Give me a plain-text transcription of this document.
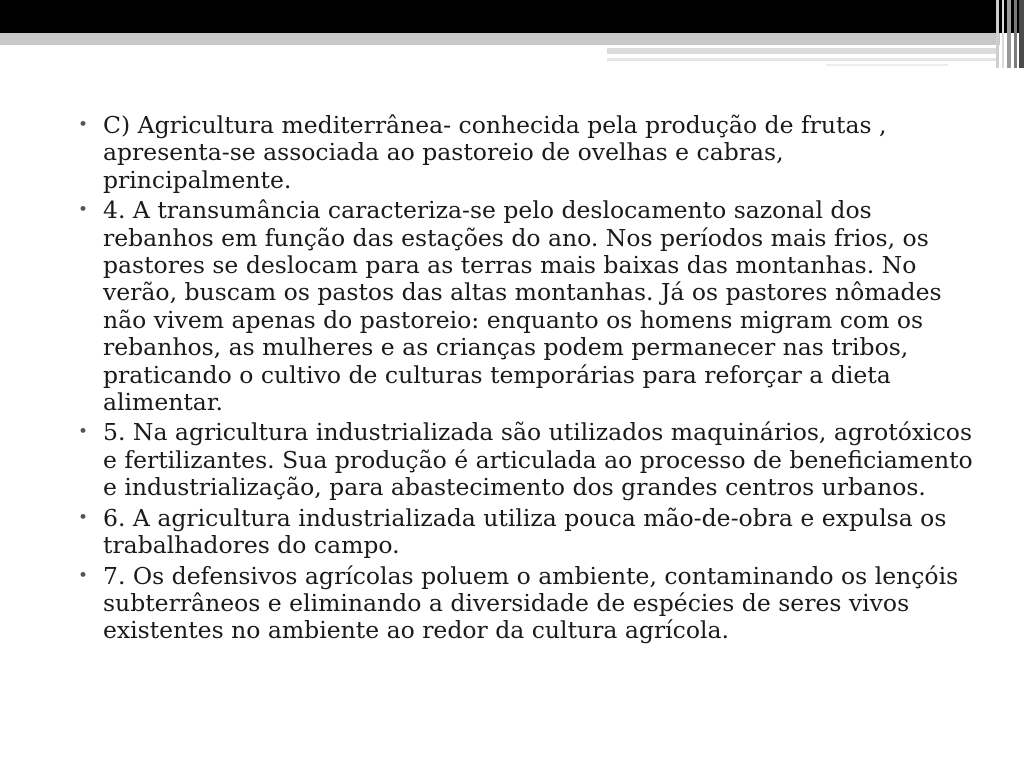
• C) Agricultura mediterrânea- conhecida pela produção de frutas , apresenta-se associada ao pastoreio de ovelhas e cabras, principalmente.
• 4. A transumância caracteriza-se pelo deslocamento sazonal dos rebanhos em função das estações do ano. Nos períodos mais frios, os pastores se deslocam para as terras mais baixas das montanhas. No verão, buscam os pastos das altas montanhas. Já os pastores nômades não vivem apenas do pastoreio: enquanto os homens migram com os rebanhos, as mulheres e as crianças podem permanecer nas tribos, praticando o cultivo de culturas temporárias para reforçar a dieta alimentar.
• 5. Na agricultura industrializada são utilizados maquinários, agrotóxicos e fertilizantes. Sua produção é articulada ao processo de beneficiamento e industrialização, para abastecimento dos grandes centros urbanos.
• 6. A agricultura industrializada utiliza pouca mão-de-obra e expulsa os trabalhadores do campo.
• 7. Os defensivos agrícolas poluem o ambiente, contaminando os lençóis subterrâneos e eliminando a diversidade de espécies de seres vivos existentes no ambiente ao redor da cultura agrícola.
